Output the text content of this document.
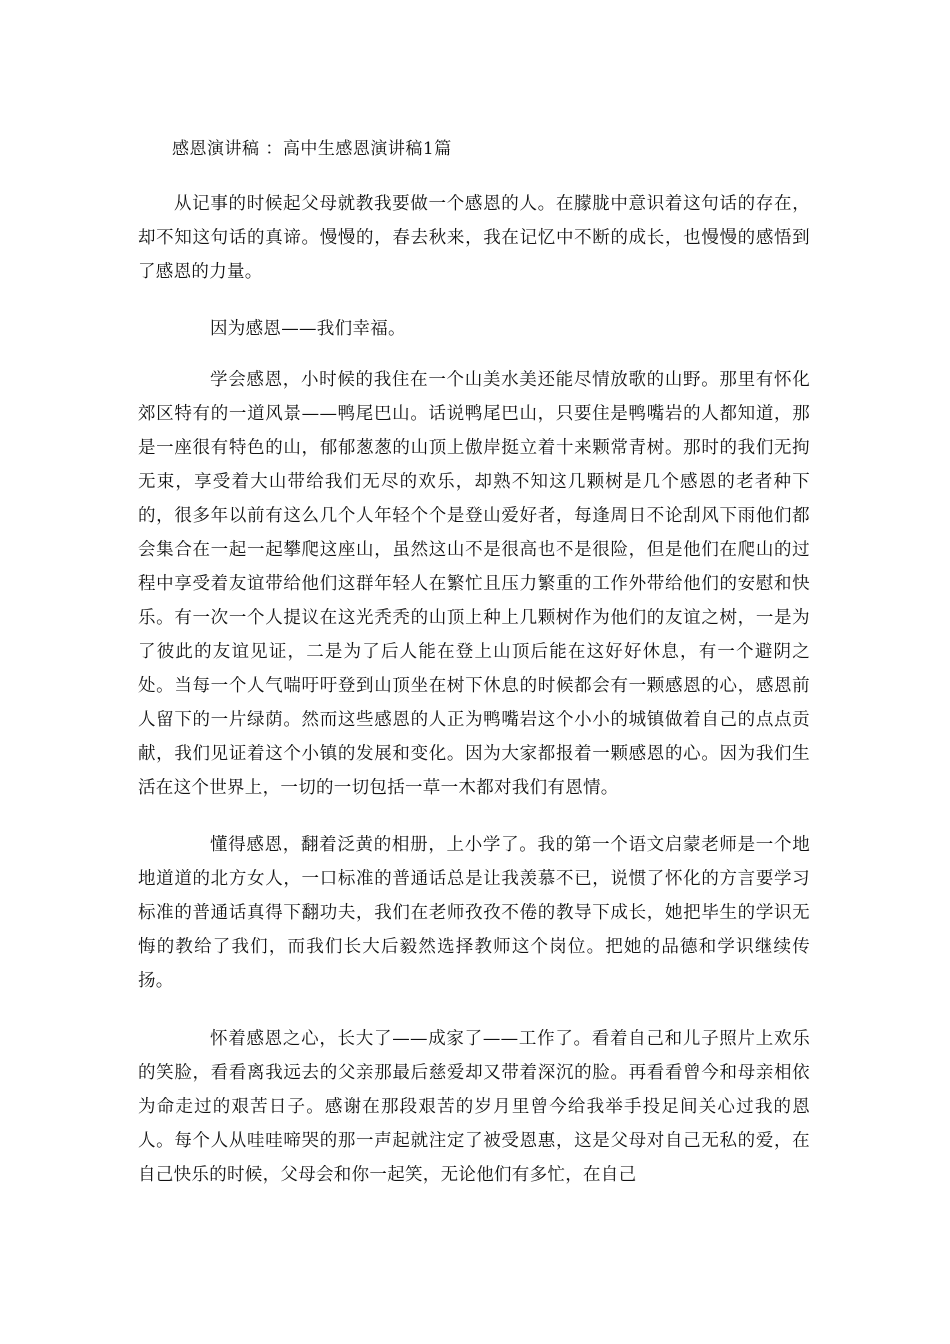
感恩演讲稿 ：高中生感恩演讲稿1篇

从记事的时候起父母就教我要做一个感恩的人。在朦胧中意识着这句话的存在，却不知这句话的真谛。慢慢的，春去秋来，我在记忆中不断的成长，也慢慢的感悟到了感恩的力量。

因为感恩——我们幸福。

学会感恩，小时候的我住在一个山美水美还能尽情放歌的山野。那里有怀化郊区特有的一道风景——鸭尾巴山。话说鸭尾巴山，只要住是鸭嘴岩的人都知道，那是一座很有特色的山，郁郁葱葱的山顶上傲岸挺立着十来颗常青树。那时的我们无拘无束，享受着大山带给我们无尽的欢乐，却熟不知这几颗树是几个感恩的老者种下的，很多年以前有这么几个人年轻个个是登山爱好者，每逢周日不论刮风下雨他们都会集合在一起一起攀爬这座山，虽然这山不是很高也不是很险，但是他们在爬山的过程中享受着友谊带给他们这群年轻人在繁忙且压力繁重的工作外带给他们的安慰和快乐。有一次一个人提议在这光秃秃的山顶上种上几颗树作为他们的友谊之树，一是为了彼此的友谊见证，二是为了后人能在登上山顶后能在这好好休息，有一个避阴之处。当每一个人气喘吁吁登到山顶坐在树下休息的时候都会有一颗感恩的心，感恩前人留下的一片绿荫。然而这些感恩的人正为鸭嘴岩这个小小的城镇做着自己的点点贡献，我们见证着这个小镇的发展和变化。因为大家都报着一颗感恩的心。因为我们生活在这个世界上，一切的一切包括一草一木都对我们有恩情。

懂得感恩，翻着泛黄的相册，上小学了。我的第一个语文启蒙老师是一个地地道道的北方女人，一口标准的普通话总是让我羡慕不已，说惯了怀化的方言要学习标准的普通话真得下翻功夫，我们在老师孜孜不倦的教导下成长，她把毕生的学识无悔的教给了我们，而我们长大后毅然选择教师这个岗位。把她的品德和学识继续传扬。

怀着感恩之心，长大了——成家了——工作了。看着自己和儿子照片上欢乐的笑脸，看看离我远去的父亲那最后慈爱却又带着深沉的脸。再看看曾今和母亲相依为命走过的艰苦日子。感谢在那段艰苦的岁月里曾今给我举手投足间关心过我的恩人。每个人从哇哇啼哭的那一声起就注定了被受恩惠，这是父母对自己无私的爱，在自己快乐的时候，父母会和你一起笑，无论他们有多忙，在自己
